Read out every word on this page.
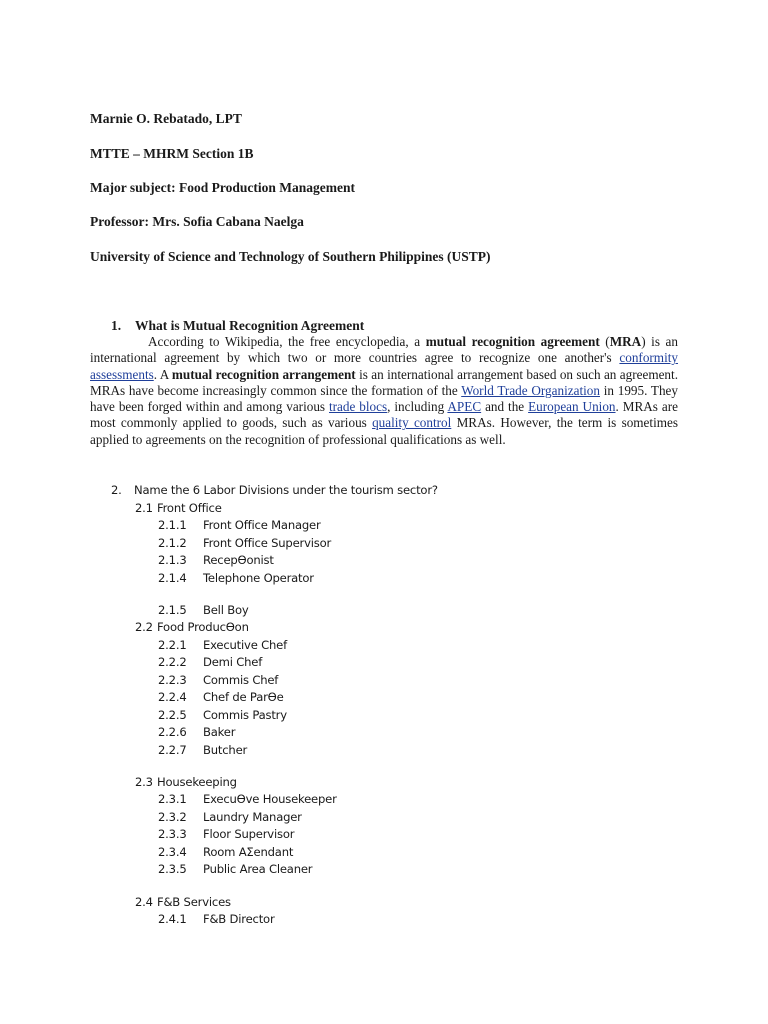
Marnie O. Rebatado, LPT
MTTE – MHRM Section 1B
Major subject: Food Production Management
Professor: Mrs. Sofia Cabana Naelga
University of Science and Technology of Southern Philippines (USTP)
1. What is Mutual Recognition Agreement
According to Wikipedia, the free encyclopedia, a mutual recognition agreement (MRA) is an international agreement by which two or more countries agree to recognize one another's conformity assessments. A mutual recognition arrangement is an international arrangement based on such an agreement. MRAs have become increasingly common since the formation of the World Trade Organization in 1995. They have been forged within and among various trade blocs, including APEC and the European Union. MRAs are most commonly applied to goods, such as various quality control MRAs. However, the term is sometimes applied to agreements on the recognition of professional qualifications as well.
2. Name the 6 Labor Divisions under the tourism sector?
2.1 Front Office
2.1.1 Front Office Manager
2.1.2 Front Office Supervisor
2.1.3 RecepƟonist
2.1.4 Telephone Operator
2.1.5 Bell Boy
2.2 Food ProducƟon
2.2.1 Executive Chef
2.2.2 Demi Chef
2.2.3 Commis Chef
2.2.4 Chef de ParƟe
2.2.5 Commis Pastry
2.2.6 Baker
2.2.7 Butcher
2.3 Housekeeping
2.3.1 ExecuƟve Housekeeper
2.3.2 Laundry Manager
2.3.3 Floor Supervisor
2.3.4 Room AƩendant
2.3.5 Public Area Cleaner
2.4 F&B Services
2.4.1 F&B Director
